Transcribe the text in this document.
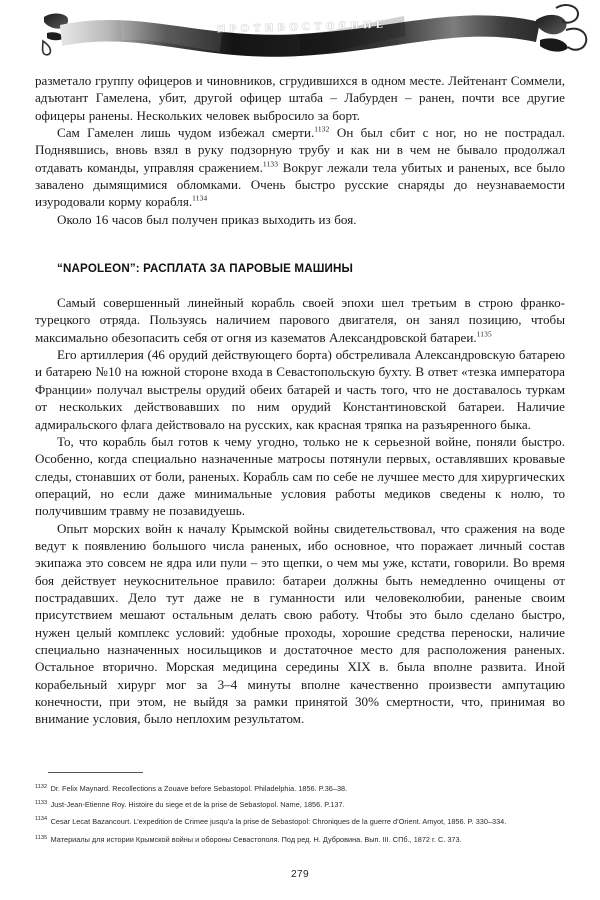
ПРОТИВОСТОЯНИЕ

разметало группу офицеров и чиновников, сгрудившихся в одном месте. Лейтенант Соммели, адъютант Гамелена, убит, другой офицер штаба – Лабурден – ранен, почти все другие офицеры ранены. Нескольких человек выбросило за борт.

Сам Гамелен лишь чудом избежал смерти.$^{1132}$ Он был сбит с ног, но не пострадал. Поднявшись, вновь взял в руку подзорную трубу и как ни в чем не бывало продолжал отдавать команды, управляя сражением.$^{1133}$ Вокруг лежали тела убитых и раненых, все было завалено дымящимися обломками. Очень быстро русские снаряды до неузнаваемости изуродовали корму корабля.$^{1134}$

Около 16 часов был получен приказ выходить из боя.

“NAPOLEON”: РАСПЛАТА ЗА ПАРОВЫЕ МАШИНЫ

Самый совершенный линейный корабль своей эпохи шел третьим в строю франко-турецкого отряда. Пользуясь наличием парового двигателя, он занял позицию, чтобы максимально обезопасить себя от огня из казематов Александровской батареи.$^{1135}$

Его артиллерия (46 орудий действующего борта) обстреливала Александровскую батарею и батарею №10 на южной стороне входа в Севастопольскую бухту. В ответ «тезка императора Франции» получал выстрелы орудий обеих батарей и часть того, что не доставалось туркам от нескольких действовавших по ним орудий Константиновской батареи. Наличие адмиральского флага действовало на русских, как красная тряпка на разъяренного быка.

То, что корабль был готов к чему угодно, только не к серьезной войне, поняли быстро. Особенно, когда специально назначенные матросы потянули первых, оставлявших кровавые следы, стонавших от боли, раненых. Корабль сам по себе не лучшее место для хирургических операций, но если даже минимальные условия работы медиков сведены к нолю, то получившим травму не позавидуешь.

Опыт морских войн к началу Крымской войны свидетельствовал, что сражения на воде ведут к появлению большого числа раненых, ибо основное, что поражает личный состав экипажа это совсем не ядра или пули – это щепки, о чем мы уже, кстати, говорили. Во время боя действует неукоснительное правило: батареи должны быть немедленно очищены от пострадавших. Дело тут даже не в гуманности или человеколюбии, раненые своим присутствием мешают остальным делать свою работу. Чтобы это было сделано быстро, нужен целый комплекс условий: удобные проходы, хорошие средства переноски, наличие специально назначенных носильщиков и достаточное место для расположения раненых. Остальное вторично. Морская медицина середины XIX в. была вполне развита. Иной корабельный хирург мог за 3–4 минуты вполне качественно произвести ампутацию конечности, при этом, не выйдя за рамки принятой 30% смертности, что, принимая во внимание условия, было неплохим результатом.

$^{1132}$ Dr. Felix Maynard. Recollections a Zouave before Sebastopol. Philadelphia. 1856. P.36–38.
$^{1133}$ Just-Jean-Etienne Roy. Histoire du siege et de la prise de Sebastopol. Name, 1856. P.137.
$^{1134}$ Cesar Lecat Bazancourt. L’expedition de Crimee jusqu’a la prise de Sebastopol: Chroniques de la guerre d’Orient. Amyot, 1856. P. 330–334.
$^{1135}$ Материалы для истории Крымской войны и обороны Севастополя. Под ред. Н. Дубровина. Вып. III. СПб., 1872 г. С. 373.
279
